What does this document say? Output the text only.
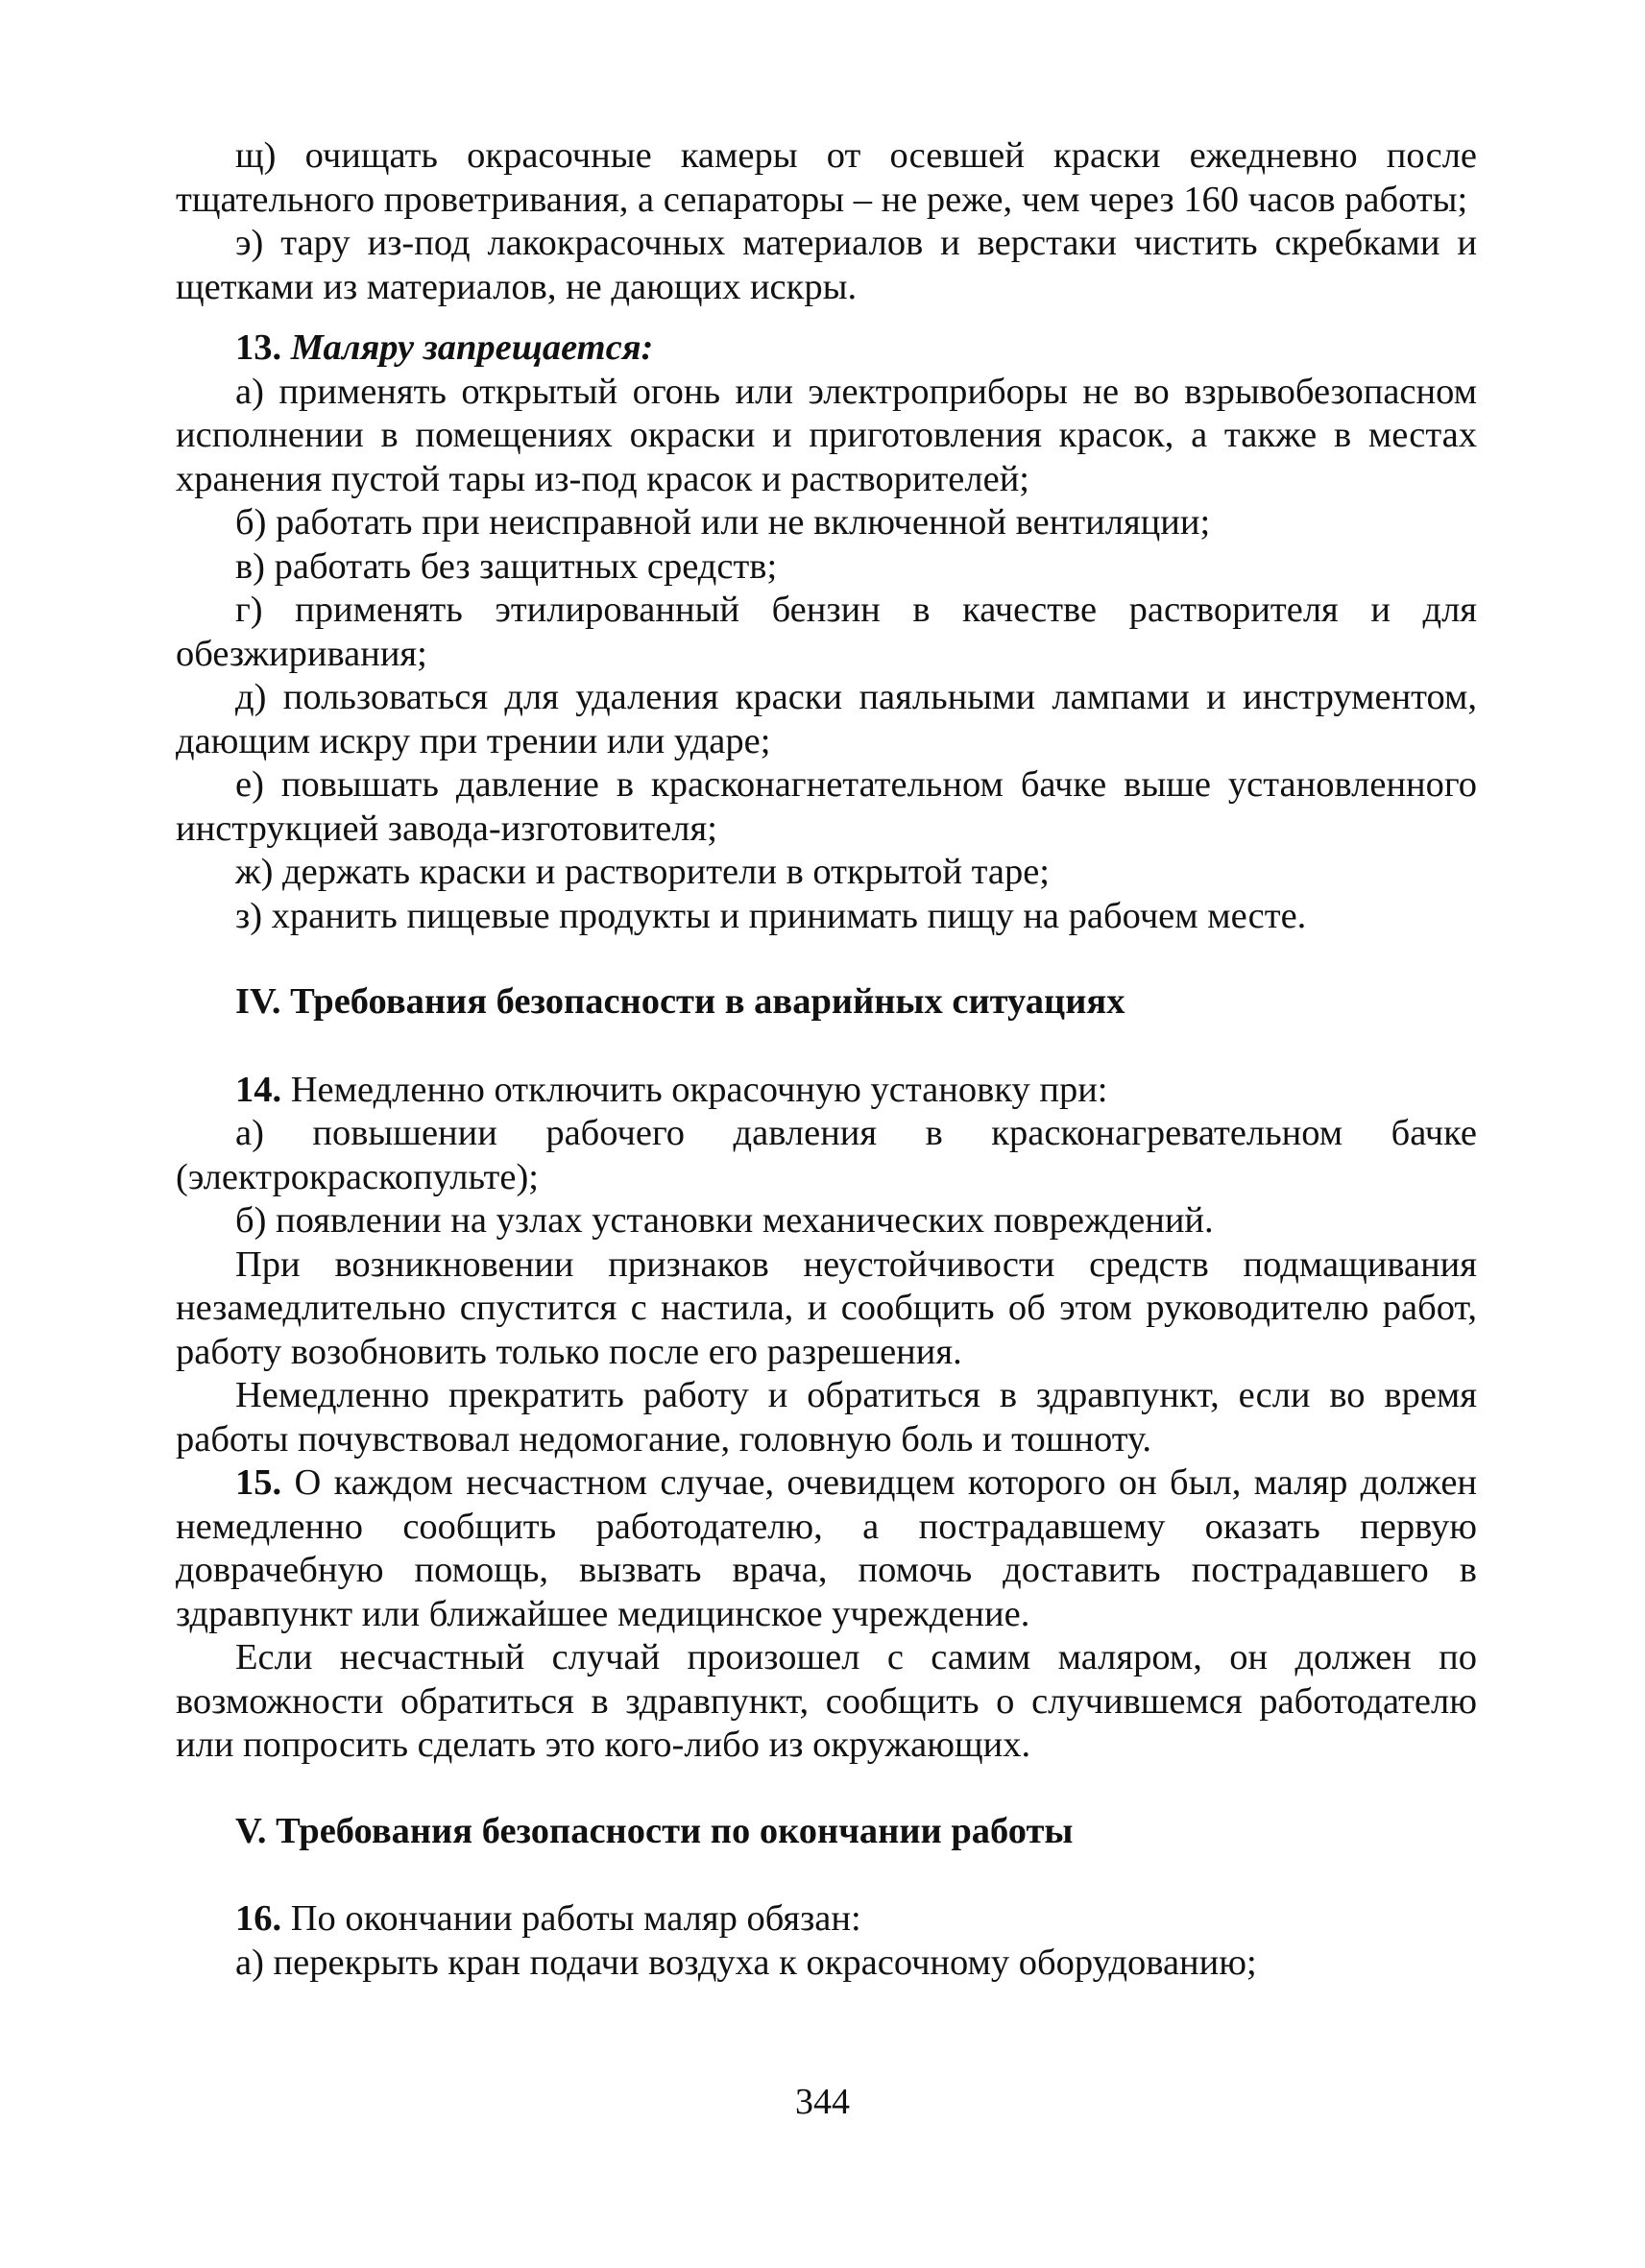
щ) очищать окрасочные камеры от осевшей краски ежедневно после тщательного проветривания, а сепараторы – не реже, чем через 160 часов работы;

э) тару из-под лакокрасочных материалов и верстаки чистить скребками и щетками из материалов, не дающих искры.

13. Маляру запрещается:

а) применять открытый огонь или электроприборы не во взрывобезопасном исполнении в помещениях окраски и приготовления красок, а также в местах хранения пустой тары из-под красок и растворителей;

б) работать при неисправной или не включенной вентиляции;

в) работать без защитных средств;

г) применять этилированный бензин в качестве растворителя и для обезжиривания;

д) пользоваться для удаления краски паяльными лампами и инструментом, дающим искру при трении или ударе;

е) повышать давление в красконагнетательном бачке выше установленного инструкцией завода-изготовителя;

ж) держать краски и растворители в открытой таре;

з) хранить пищевые продукты и принимать пищу на рабочем месте.

IV. Требования безопасности в аварийных ситуациях

14. Немедленно отключить окрасочную установку при:

а) повышении рабочего давления в красконагревательном бачке (электрокраскопульте);

б) появлении на узлах установки механических повреждений.

При возникновении признаков неустойчивости средств подмащивания незамедлительно спустится с настила, и сообщить об этом руководителю работ, работу возобновить только после его разрешения.

Немедленно прекратить работу и обратиться в здравпункт, если во время работы почувствовал недомогание, головную боль и тошноту.

15. О каждом несчастном случае, очевидцем которого он был, маляр должен немедленно сообщить работодателю, а пострадавшему оказать первую доврачебную помощь, вызвать врача, помочь доставить пострадавшего в здравпункт или ближайшее медицинское учреждение.

Если несчастный случай произошел с самим маляром, он должен по возможности обратиться в здравпункт, сообщить о случившемся работодателю или попросить сделать это кого-либо из окружающих.

V. Требования безопасности по окончании работы

16. По окончании работы маляр обязан:

а) перекрыть кран подачи воздуха к окрасочному оборудованию;

344
